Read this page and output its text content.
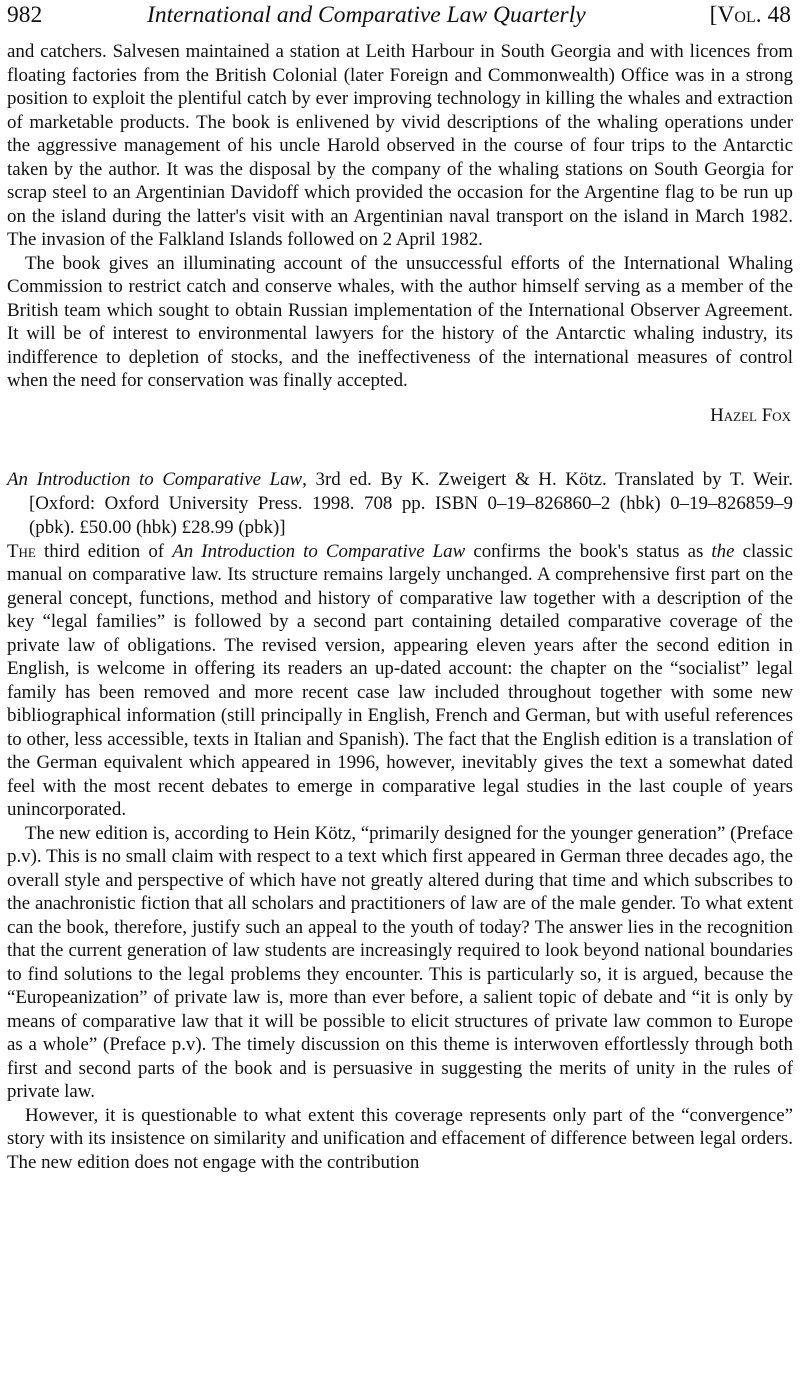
982	International and Comparative Law Quarterly	[Vol. 48

and catchers. Salvesen maintained a station at Leith Harbour in South Georgia and with licences from floating factories from the British Colonial (later Foreign and Commonwealth) Office was in a strong position to exploit the plentiful catch by ever improving technology in killing the whales and extraction of marketable products. The book is enlivened by vivid descriptions of the whaling operations under the aggressive management of his uncle Harold observed in the course of four trips to the Antarctic taken by the author. It was the disposal by the company of the whaling stations on South Georgia for scrap steel to an Argentinian Davidoff which provided the occasion for the Argentine flag to be run up on the island during the latter's visit with an Argentinian naval transport on the island in March 1982. The invasion of the Falkland Islands followed on 2 April 1982.

The book gives an illuminating account of the unsuccessful efforts of the International Whaling Commission to restrict catch and conserve whales, with the author himself serving as a member of the British team which sought to obtain Russian implementation of the International Observer Agreement. It will be of interest to environmental lawyers for the history of the Antarctic whaling industry, its indifference to depletion of stocks, and the ineffectiveness of the international measures of control when the need for conservation was finally accepted.

Hazel Fox
An Introduction to Comparative Law, 3rd ed. By K. Zweigert & H. Kötz. Translated by T. Weir. [Oxford: Oxford University Press. 1998. 708 pp. ISBN 0–19–826860–2 (hbk) 0–19–826859–9 (pbk). £50.00 (hbk) £28.99 (pbk)]

The third edition of An Introduction to Comparative Law confirms the book's status as the classic manual on comparative law. Its structure remains largely unchanged. A comprehensive first part on the general concept, functions, method and history of comparative law together with a description of the key “legal families” is followed by a second part containing detailed comparative coverage of the private law of obligations. The revised version, appearing eleven years after the second edition in English, is welcome in offering its readers an up-dated account: the chapter on the “socialist” legal family has been removed and more recent case law included throughout together with some new bibliographical information (still principally in English, French and German, but with useful references to other, less accessible, texts in Italian and Spanish). The fact that the English edition is a translation of the German equivalent which appeared in 1996, however, inevitably gives the text a somewhat dated feel with the most recent debates to emerge in comparative legal studies in the last couple of years unincorporated.

The new edition is, according to Hein Kötz, “primarily designed for the younger generation” (Preface p.v). This is no small claim with respect to a text which first appeared in German three decades ago, the overall style and perspective of which have not greatly altered during that time and which subscribes to the anachronistic fiction that all scholars and practitioners of law are of the male gender. To what extent can the book, therefore, justify such an appeal to the youth of today? The answer lies in the recognition that the current generation of law students are increasingly required to look beyond national boundaries to find solutions to the legal problems they encounter. This is particularly so, it is argued, because the “Europeanization” of private law is, more than ever before, a salient topic of debate and “it is only by means of comparative law that it will be possible to elicit structures of private law common to Europe as a whole” (Preface p.v). The timely discussion on this theme is interwoven effortlessly through both first and second parts of the book and is persuasive in suggesting the merits of unity in the rules of private law.

However, it is questionable to what extent this coverage represents only part of the “convergence” story with its insistence on similarity and unification and effacement of difference between legal orders. The new edition does not engage with the contribution
